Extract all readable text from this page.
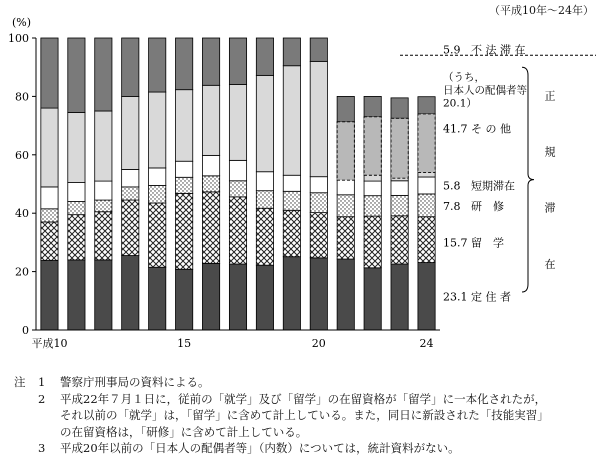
（平成10年～24年）
0
20
40
60
80
100
(%)
平成10	15	20	24
5.9 不 法 滞 在
（うち，
日本人の配偶者等
20.1）
41.7 そ の 他
5.8 短期滞在
7.8 研　修
15.7 留　学
23.1 定 住 者
正
規
滞
在
注	1	警察庁刑事局の資料による。
2	平成22年７月１日に，従前の「就学」及び「留学」の在留資格が「留学」に一本化されたが，
それ以前の「就学」は，「留学」に含めて計上している。また，同日に新設された「技能実習」
の在留資格は，「研修」に含めて計上している。
3	平成20年以前の「日本人の配偶者等」（内数）については，統計資料がない。
